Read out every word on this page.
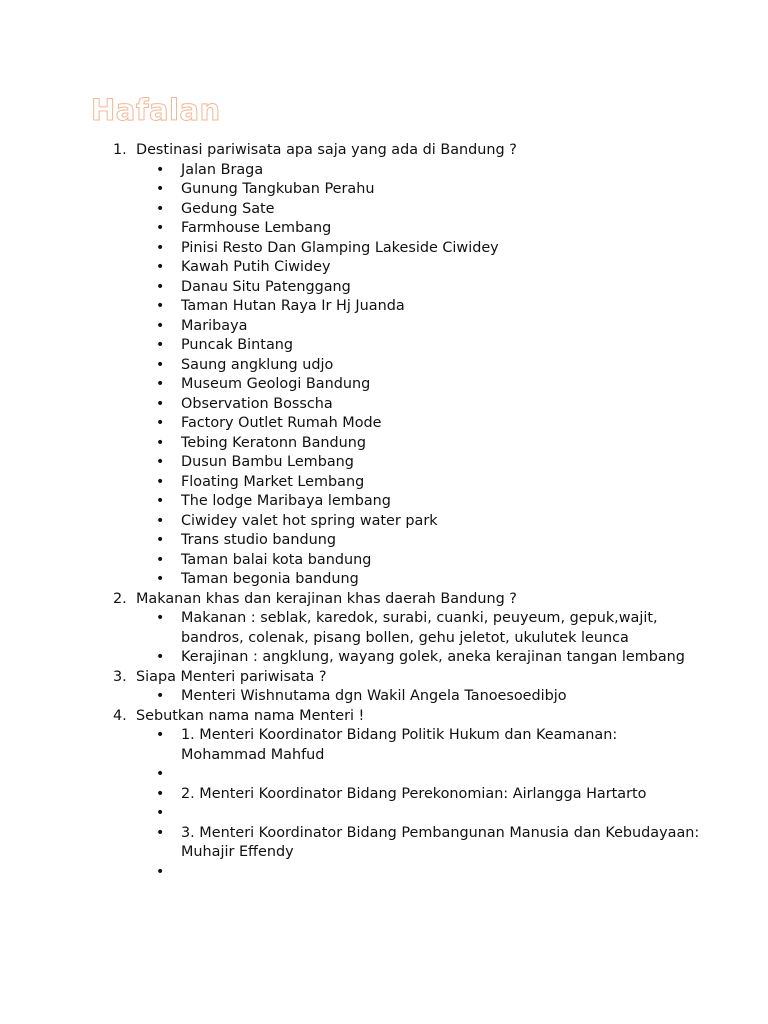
Hafalan
1. Destinasi pariwisata apa saja yang ada di Bandung ?
• Jalan Braga
• Gunung Tangkuban Perahu
• Gedung Sate
• Farmhouse Lembang
• Pinisi Resto Dan Glamping Lakeside Ciwidey
• Kawah Putih Ciwidey
• Danau Situ Patenggang
• Taman Hutan Raya Ir Hj Juanda
• Maribaya
• Puncak Bintang
• Saung angklung udjo
• Museum Geologi Bandung
• Observation Bosscha
• Factory Outlet Rumah Mode
• Tebing Keratonn Bandung
• Dusun Bambu Lembang
• Floating Market Lembang
• The lodge Maribaya lembang
• Ciwidey valet hot spring water park
• Trans studio bandung
• Taman balai kota bandung
• Taman begonia bandung
2. Makanan khas dan kerajinan khas daerah Bandung ?
• Makanan : seblak, karedok, surabi, cuanki, peuyeum, gepuk,wajit, bandros, colenak, pisang bollen, gehu jeletot, ukulutek leunca
• Kerajinan : angklung, wayang golek, aneka kerajinan tangan lembang
3. Siapa Menteri pariwisata ?
• Menteri Wishnutama dgn Wakil Angela Tanoesoedibjo
4. Sebutkan nama nama Menteri !
• 1. Menteri Koordinator Bidang Politik Hukum dan Keamanan: Mohammad Mahfud
•
• 2. Menteri Koordinator Bidang Perekonomian: Airlangga Hartarto
•
• 3. Menteri Koordinator Bidang Pembangunan Manusia dan Kebudayaan: Muhajir Effendy
•
